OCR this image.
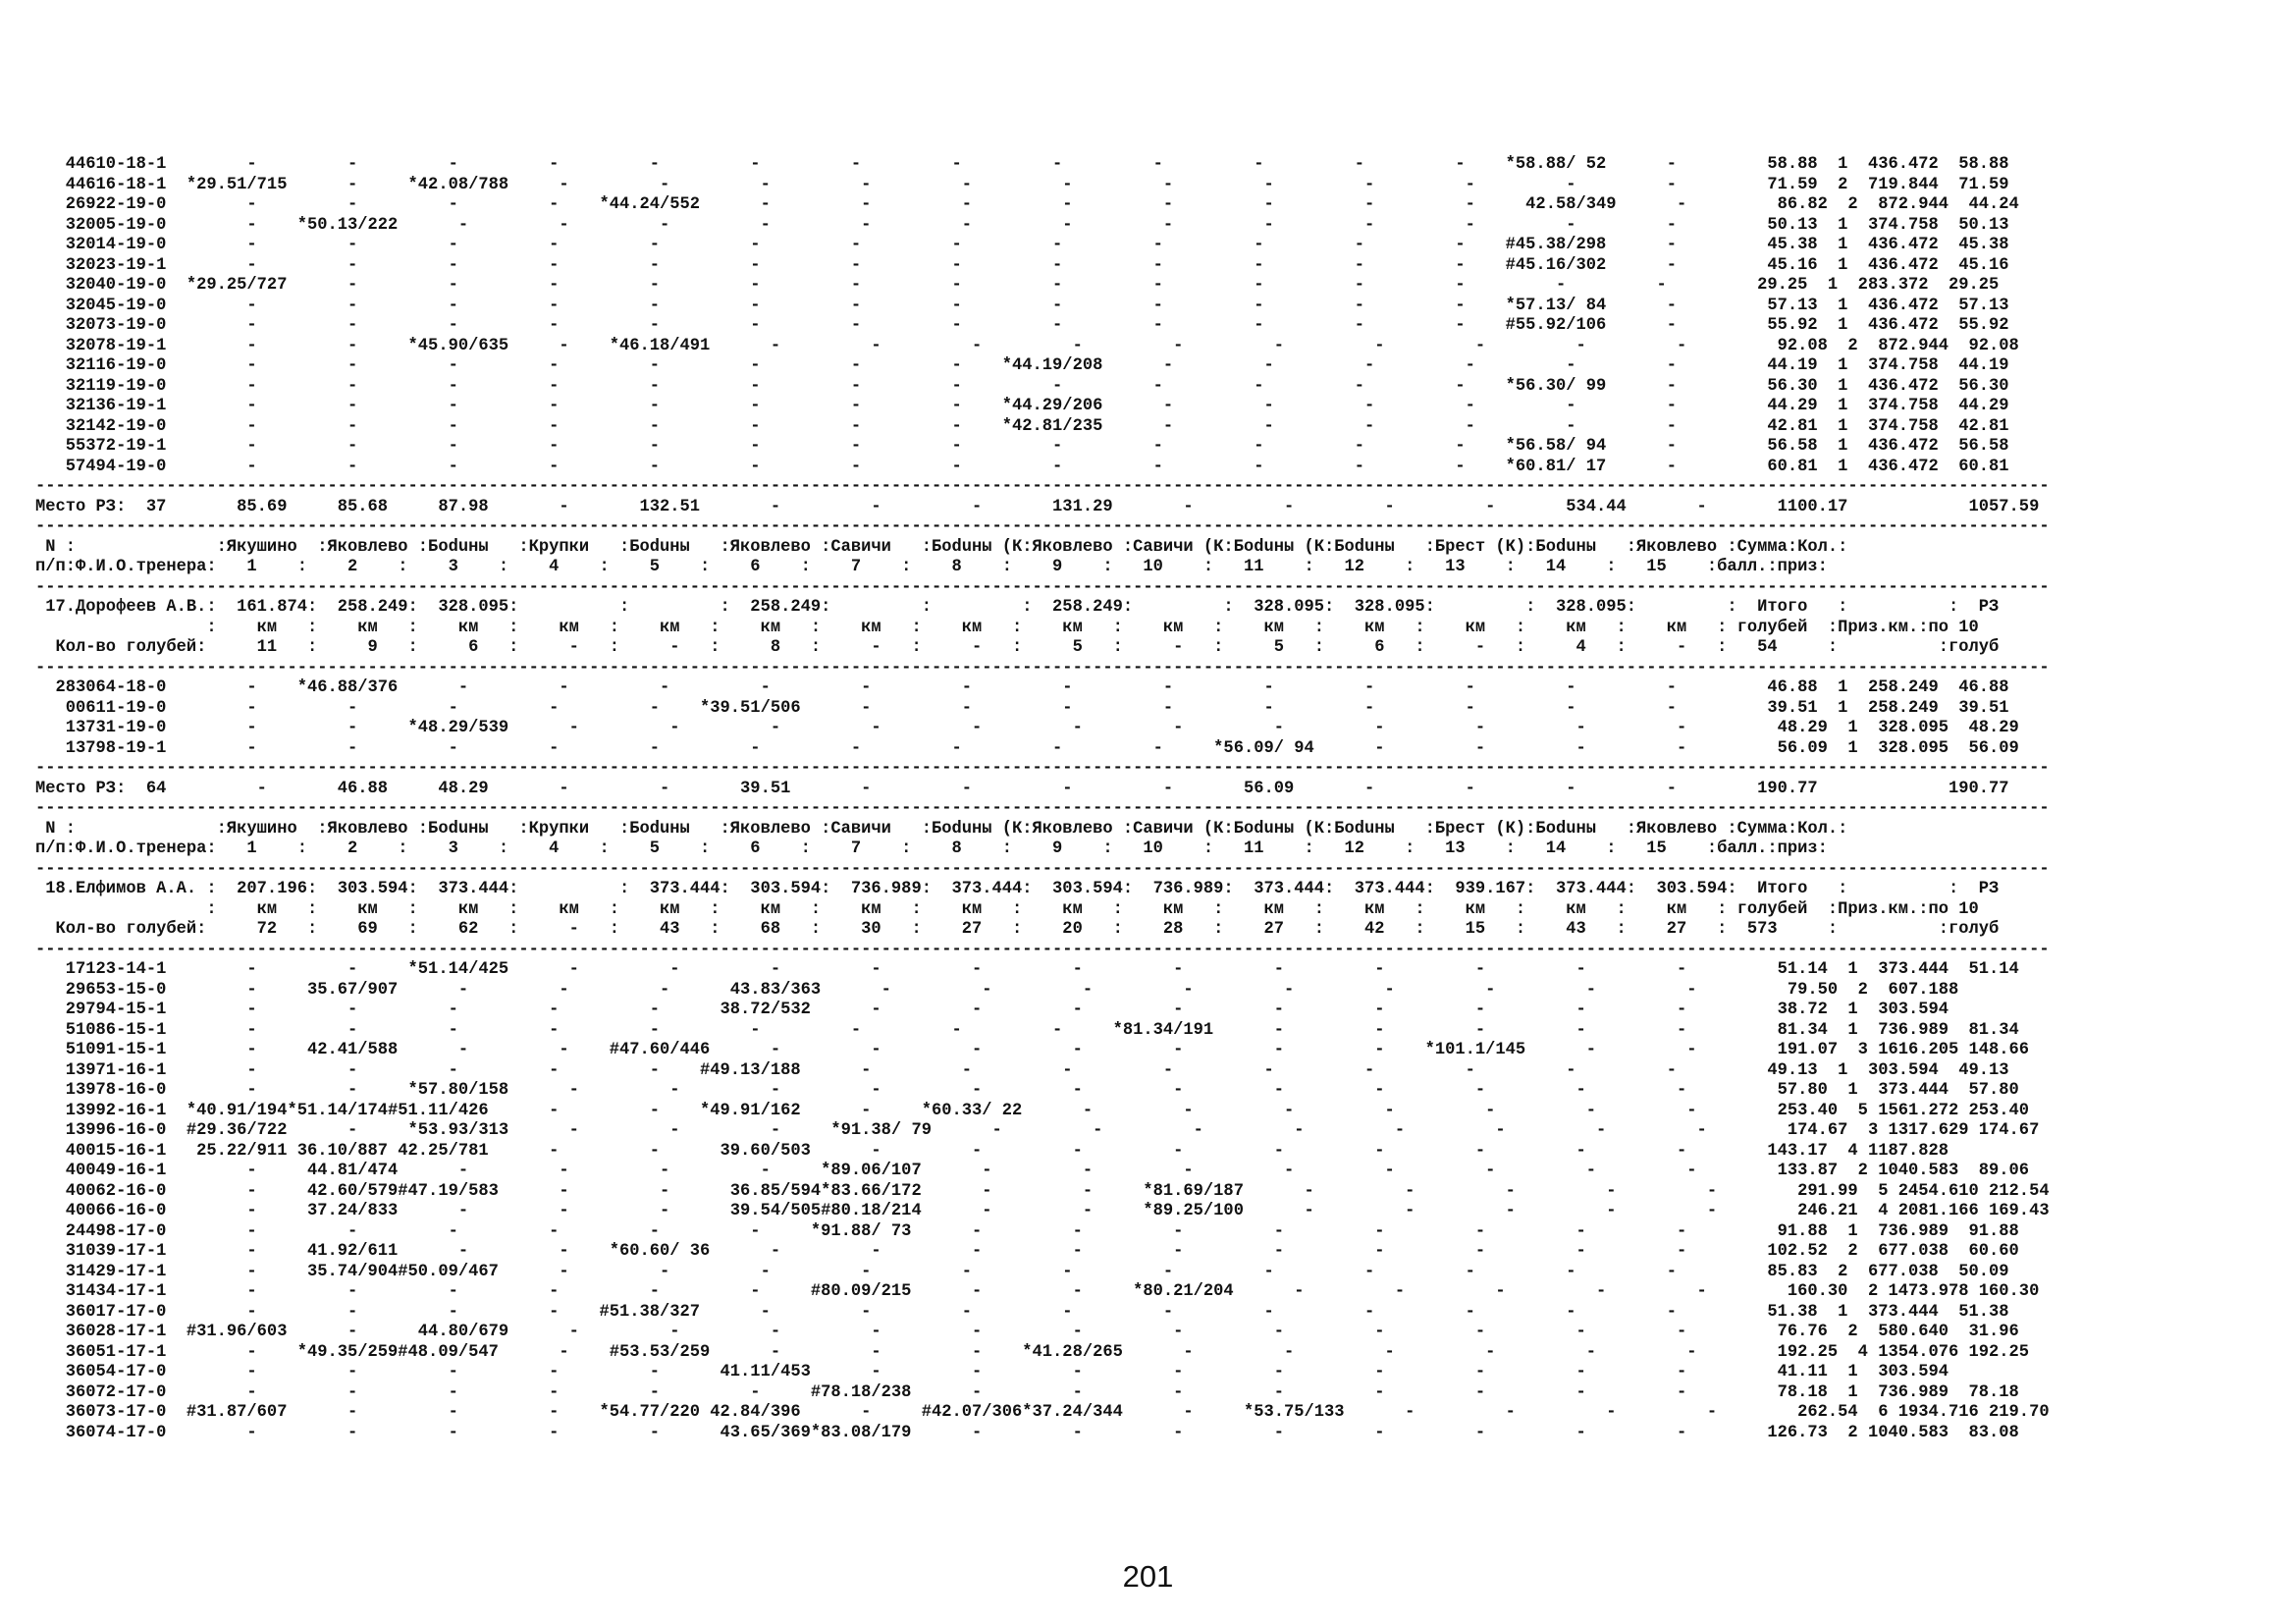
44610-18-1        -         -         -         -         -         -         -         -         -         -         -         -         -    *58.88/ 52      -         58.88  1  436.472  58.88
44616-18-1  *29.51/715      -     *42.08/788     -         -         -         -         -         -         -         -         -         -         -         -         71.59  2  719.844  71.59
26922-19-0        -         -         -         -    *44.24/552      -         -         -         -         -         -         -         -     42.58/349      -         86.82  2  872.944  44.24
32005-19-0        -    *50.13/222      -         -         -         -         -         -         -         -         -         -         -         -         -         50.13  1  374.758  50.13
32014-19-0        -         -         -         -         -         -         -         -         -         -         -         -         -    #45.38/298      -         45.38  1  436.472  45.38
32023-19-1        -         -         -         -         -         -         -         -         -         -         -         -         -    #45.16/302      -         45.16  1  436.472  45.16
32040-19-0  *29.25/727      -         -         -         -         -         -         -         -         -         -         -         -         -         -         29.25  1  283.372  29.25
32045-19-0        -         -         -         -         -         -         -         -         -         -         -         -         -    *57.13/ 84      -         57.13  1  436.472  57.13
32073-19-0        -         -         -         -         -         -         -         -         -         -         -         -         -    #55.92/106      -         55.92  1  436.472  55.92
32078-19-1        -         -     *45.90/635     -    *46.18/491      -         -         -         -         -         -         -         -         -         -         92.08  2  872.944  92.08
32116-19-0        -         -         -         -         -         -         -         -    *44.19/208      -         -         -         -         -         -         44.19  1  374.758  44.19
32119-19-0        -         -         -         -         -         -         -         -         -         -         -         -         -    *56.30/ 99      -         56.30  1  436.472  56.30
32136-19-1        -         -         -         -         -         -         -         -    *44.29/206      -         -         -         -         -         -         44.29  1  374.758  44.29
32142-19-0        -         -         -         -         -         -         -         -    *42.81/235      -         -         -         -         -         -         42.81  1  374.758  42.81
55372-19-1        -         -         -         -         -         -         -         -         -         -         -         -         -    *56.58/ 94      -         56.58  1  436.472  56.58
57494-19-0        -         -         -         -         -         -         -         -         -         -         -         -         -    *60.81/ 17      -         60.81  1  436.472  60.81
--------------------------------------------------------------------------------------------------------------------------------------------------------------------------------------------------------
Место РЗ:  37       85.69     85.68     87.98       -       132.51       -         -         -       131.29       -         -         -         -       534.44       -       1100.17            1057.59
--------------------------------------------------------------------------------------------------------------------------------------------------------------------------------------------------------
N :              :Якушино  :Яковлево :Боduны   :Крупки   :Боduны   :Яковлево :Савичи   :Боduны (К:Яковлево :Савичи (К:Боduны (К:Боduны   :Брест (К):Боduны   :Яковлево :Сумма:Кол.:
п/п:Ф.И.О.тренера:   1    :    2    :    3    :    4    :    5    :    6    :    7    :    8    :    9    :   10    :   11    :   12    :   13    :   14    :   15    :балл.:приз:
--------------------------------------------------------------------------------------------------------------------------------------------------------------------------------------------------------
17.Дорофеев А.В.:  161.874:  258.249:  328.095:          :         :  258.249:         :         :  258.249:         :  328.095:  328.095:         :  328.095:         :  Итого   :          :  РЗ
:    км   :    км   :    км   :    км   :    км   :    км   :    км   :    км   :    км   :    км   :    км   :    км   :    км   :    км   :    км   : голубей  :Приз.км.:по 10
Кол-во голубей:     11   :     9   :     6   :     -   :     -   :     8   :     -   :     -   :     5   :     -   :     5   :     6   :     -   :     4   :     -   :   54     :          :голуб
--------------------------------------------------------------------------------------------------------------------------------------------------------------------------------------------------------
283064-18-0        -    *46.88/376      -         -         -         -         -         -         -         -         -         -         -         -         -         46.88  1  258.249  46.88
00611-19-0        -         -         -         -         -    *39.51/506      -         -         -         -         -         -         -         -         -         39.51  1  258.249  39.51
13731-19-0        -         -     *48.29/539      -         -         -         -         -         -         -         -         -         -         -         -         48.29  1  328.095  48.29
13798-19-1        -         -         -         -         -         -         -         -         -         -     *56.09/ 94      -         -         -         -         56.09  1  328.095  56.09
--------------------------------------------------------------------------------------------------------------------------------------------------------------------------------------------------------
Место РЗ:  64         -       46.88     48.29       -         -       39.51       -         -         -         -       56.09       -         -         -         -        190.77             190.77
--------------------------------------------------------------------------------------------------------------------------------------------------------------------------------------------------------
N :              :Якушино  :Яковлево :Боduны   :Крупки   :Боduны   :Яковлево :Савичи   :Боduны (К:Яковлево :Савичи (К:Боduны (К:Боduны   :Брест (К):Боduны   :Яковлево :Сумма:Кол.:
п/п:Ф.И.О.тренера:   1    :    2    :    3    :    4    :    5    :    6    :    7    :    8    :    9    :   10    :   11    :   12    :   13    :   14    :   15    :балл.:приз:
--------------------------------------------------------------------------------------------------------------------------------------------------------------------------------------------------------
18.Елфимов А.А. :  207.196:  303.594:  373.444:          :  373.444:  303.594:  736.989:  373.444:  303.594:  736.989:  373.444:  373.444:  939.167:  373.444:  303.594:  Итого   :          :  РЗ
:    км   :    км   :    км   :    км   :    км   :    км   :    км   :    км   :    км   :    км   :    км   :    км   :    км   :    км   :    км   : голубей  :Приз.км.:по 10
Кол-во голубей:     72   :    69   :    62   :     -   :    43   :    68   :    30   :    27   :    20   :    28   :    27   :    42   :    15   :    43   :    27   :  573     :          :голуб
--------------------------------------------------------------------------------------------------------------------------------------------------------------------------------------------------------
17123-14-1        -         -     *51.14/425      -         -         -         -         -         -         -         -         -         -         -         -         51.14  1  373.444  51.14
29653-15-0        -     35.67/907      -         -         -      43.83/363      -         -         -         -         -         -         -         -         -         79.50  2  607.188
29794-15-1        -         -         -         -         -      38.72/532      -         -         -         -         -         -         -         -         -         38.72  1  303.594
51086-15-1        -         -         -         -         -         -         -         -         -     *81.34/191      -         -         -         -         -         81.34  1  736.989  81.34
51091-15-1        -     42.41/588      -         -    #47.60/446      -         -         -         -         -         -         -    *101.1/145      -         -        191.07  3 1616.205 148.66
13971-16-1        -         -         -         -         -    #49.13/188      -         -         -         -         -         -         -         -         -         49.13  1  303.594  49.13
13978-16-0        -         -     *57.80/158      -         -         -         -         -         -         -         -         -         -         -         -         57.80  1  373.444  57.80
13992-16-1  *40.91/194*51.14/174#51.11/426      -         -    *49.91/162      -     *60.33/ 22      -         -         -         -         -         -         -        253.40  5 1561.272 253.40
13996-16-0  #29.36/722      -     *53.93/313      -         -         -     *91.38/ 79      -         -         -         -         -         -         -         -        174.67  3 1317.629 174.67
40015-16-1   25.22/911 36.10/887 42.25/781      -         -      39.60/503      -         -         -         -         -         -         -         -         -        143.17  4 1187.828
40049-16-1        -     44.81/474      -         -         -         -     *89.06/107      -         -         -         -         -         -         -         -        133.87  2 1040.583  89.06
40062-16-0        -     42.60/579#47.19/583      -         -      36.85/594*83.66/172      -         -     *81.69/187      -         -         -         -         -        291.99  5 2454.610 212.54
40066-16-0        -     37.24/833      -         -         -      39.54/505#80.18/214      -         -     *89.25/100      -         -         -         -         -        246.21  4 2081.166 169.43
24498-17-0        -         -         -         -         -         -     *91.88/ 73      -         -         -         -         -         -         -         -         91.88  1  736.989  91.88
31039-17-1        -     41.92/611      -         -    *60.60/ 36      -         -         -         -         -         -         -         -         -         -        102.52  2  677.038  60.60
31429-17-1        -     35.74/904#50.09/467      -         -         -         -         -         -         -         -         -         -         -         -         85.83  2  677.038  50.09
31434-17-1        -         -         -         -         -         -     #80.09/215      -         -     *80.21/204      -         -         -         -         -        160.30  2 1473.978 160.30
36017-17-0        -         -         -         -    #51.38/327      -         -         -         -         -         -         -         -         -         -         51.38  1  373.444  51.38
36028-17-1  #31.96/603      -      44.80/679      -         -         -         -         -         -         -         -         -         -         -         -         76.76  2  580.640  31.96
36051-17-1        -    *49.35/259#48.09/547      -    #53.53/259      -         -         -    *41.28/265      -         -         -         -         -         -        192.25  4 1354.076 192.25
36054-17-0        -         -         -         -         -      41.11/453      -         -         -         -         -         -         -         -         -         41.11  1  303.594
36072-17-0        -         -         -         -         -         -     #78.18/238      -         -         -         -         -         -         -         -         78.18  1  736.989  78.18
36073-17-0  #31.87/607      -         -         -    *54.77/220 42.84/396      -     #42.07/306*37.24/344      -     *53.75/133      -         -         -         -        262.54  6 1934.716 219.70
36074-17-0        -         -         -         -         -      43.65/369*83.08/179      -         -         -         -         -         -         -         -        126.73  2 1040.583  83.08
201
